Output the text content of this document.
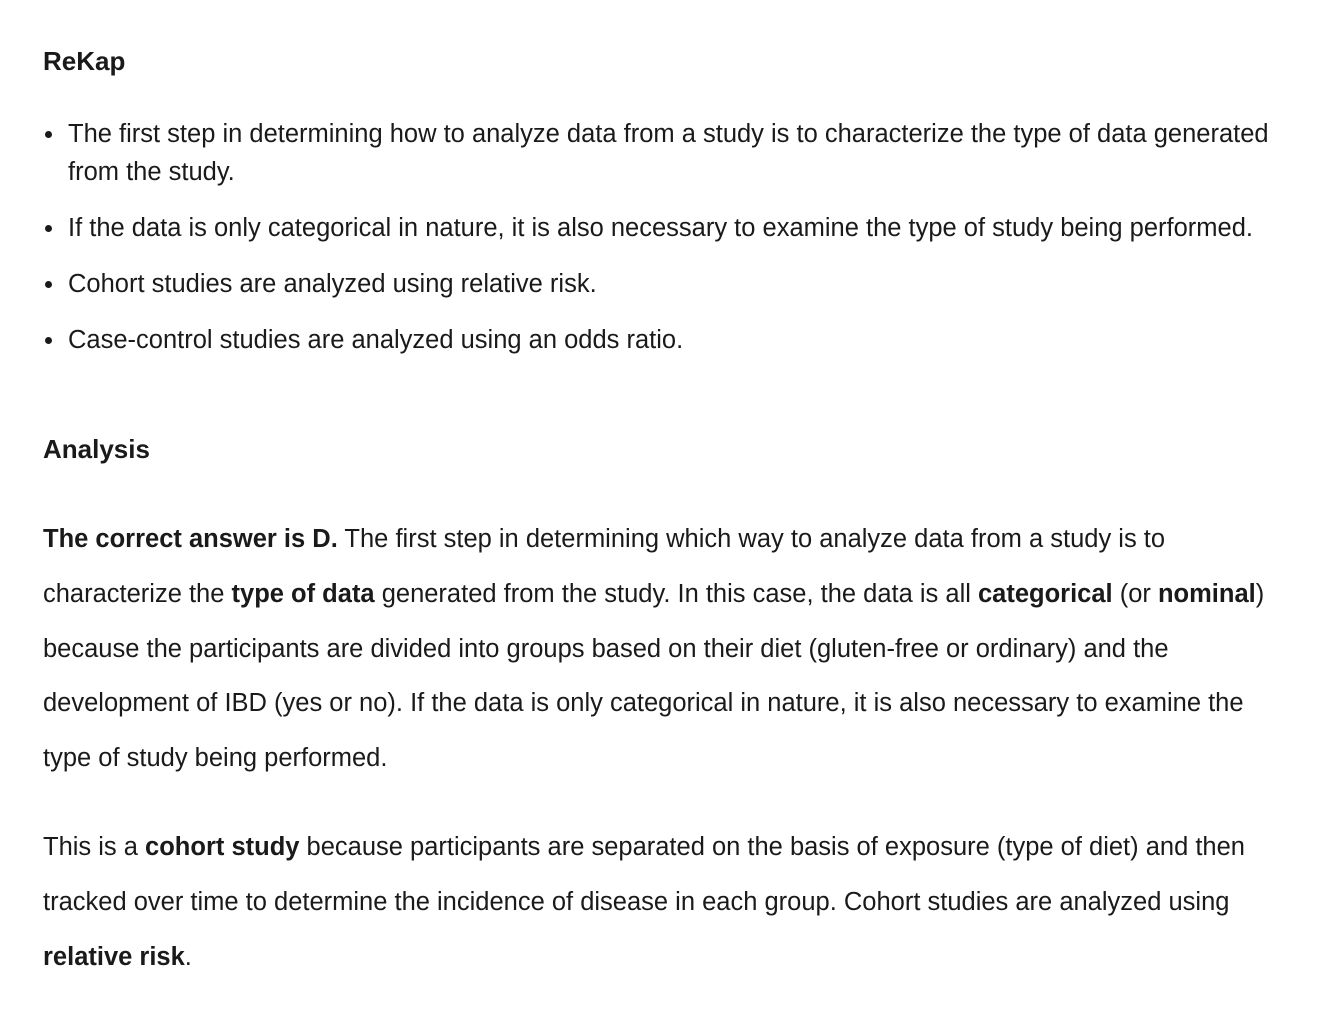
ReKap
The first step in determining how to analyze data from a study is to characterize the type of data generated from the study.
If the data is only categorical in nature, it is also necessary to examine the type of study being performed.
Cohort studies are analyzed using relative risk.
Case-control studies are analyzed using an odds ratio.
Analysis

The correct answer is D. The first step in determining which way to analyze data from a study is to characterize the type of data generated from the study. In this case, the data is all categorical (or nominal) because the participants are divided into groups based on their diet (gluten-free or ordinary) and the development of IBD (yes or no). If the data is only categorical in nature, it is also necessary to examine the type of study being performed.

This is a cohort study because participants are separated on the basis of exposure (type of diet) and then tracked over time to determine the incidence of disease in each group. Cohort studies are analyzed using relative risk.
